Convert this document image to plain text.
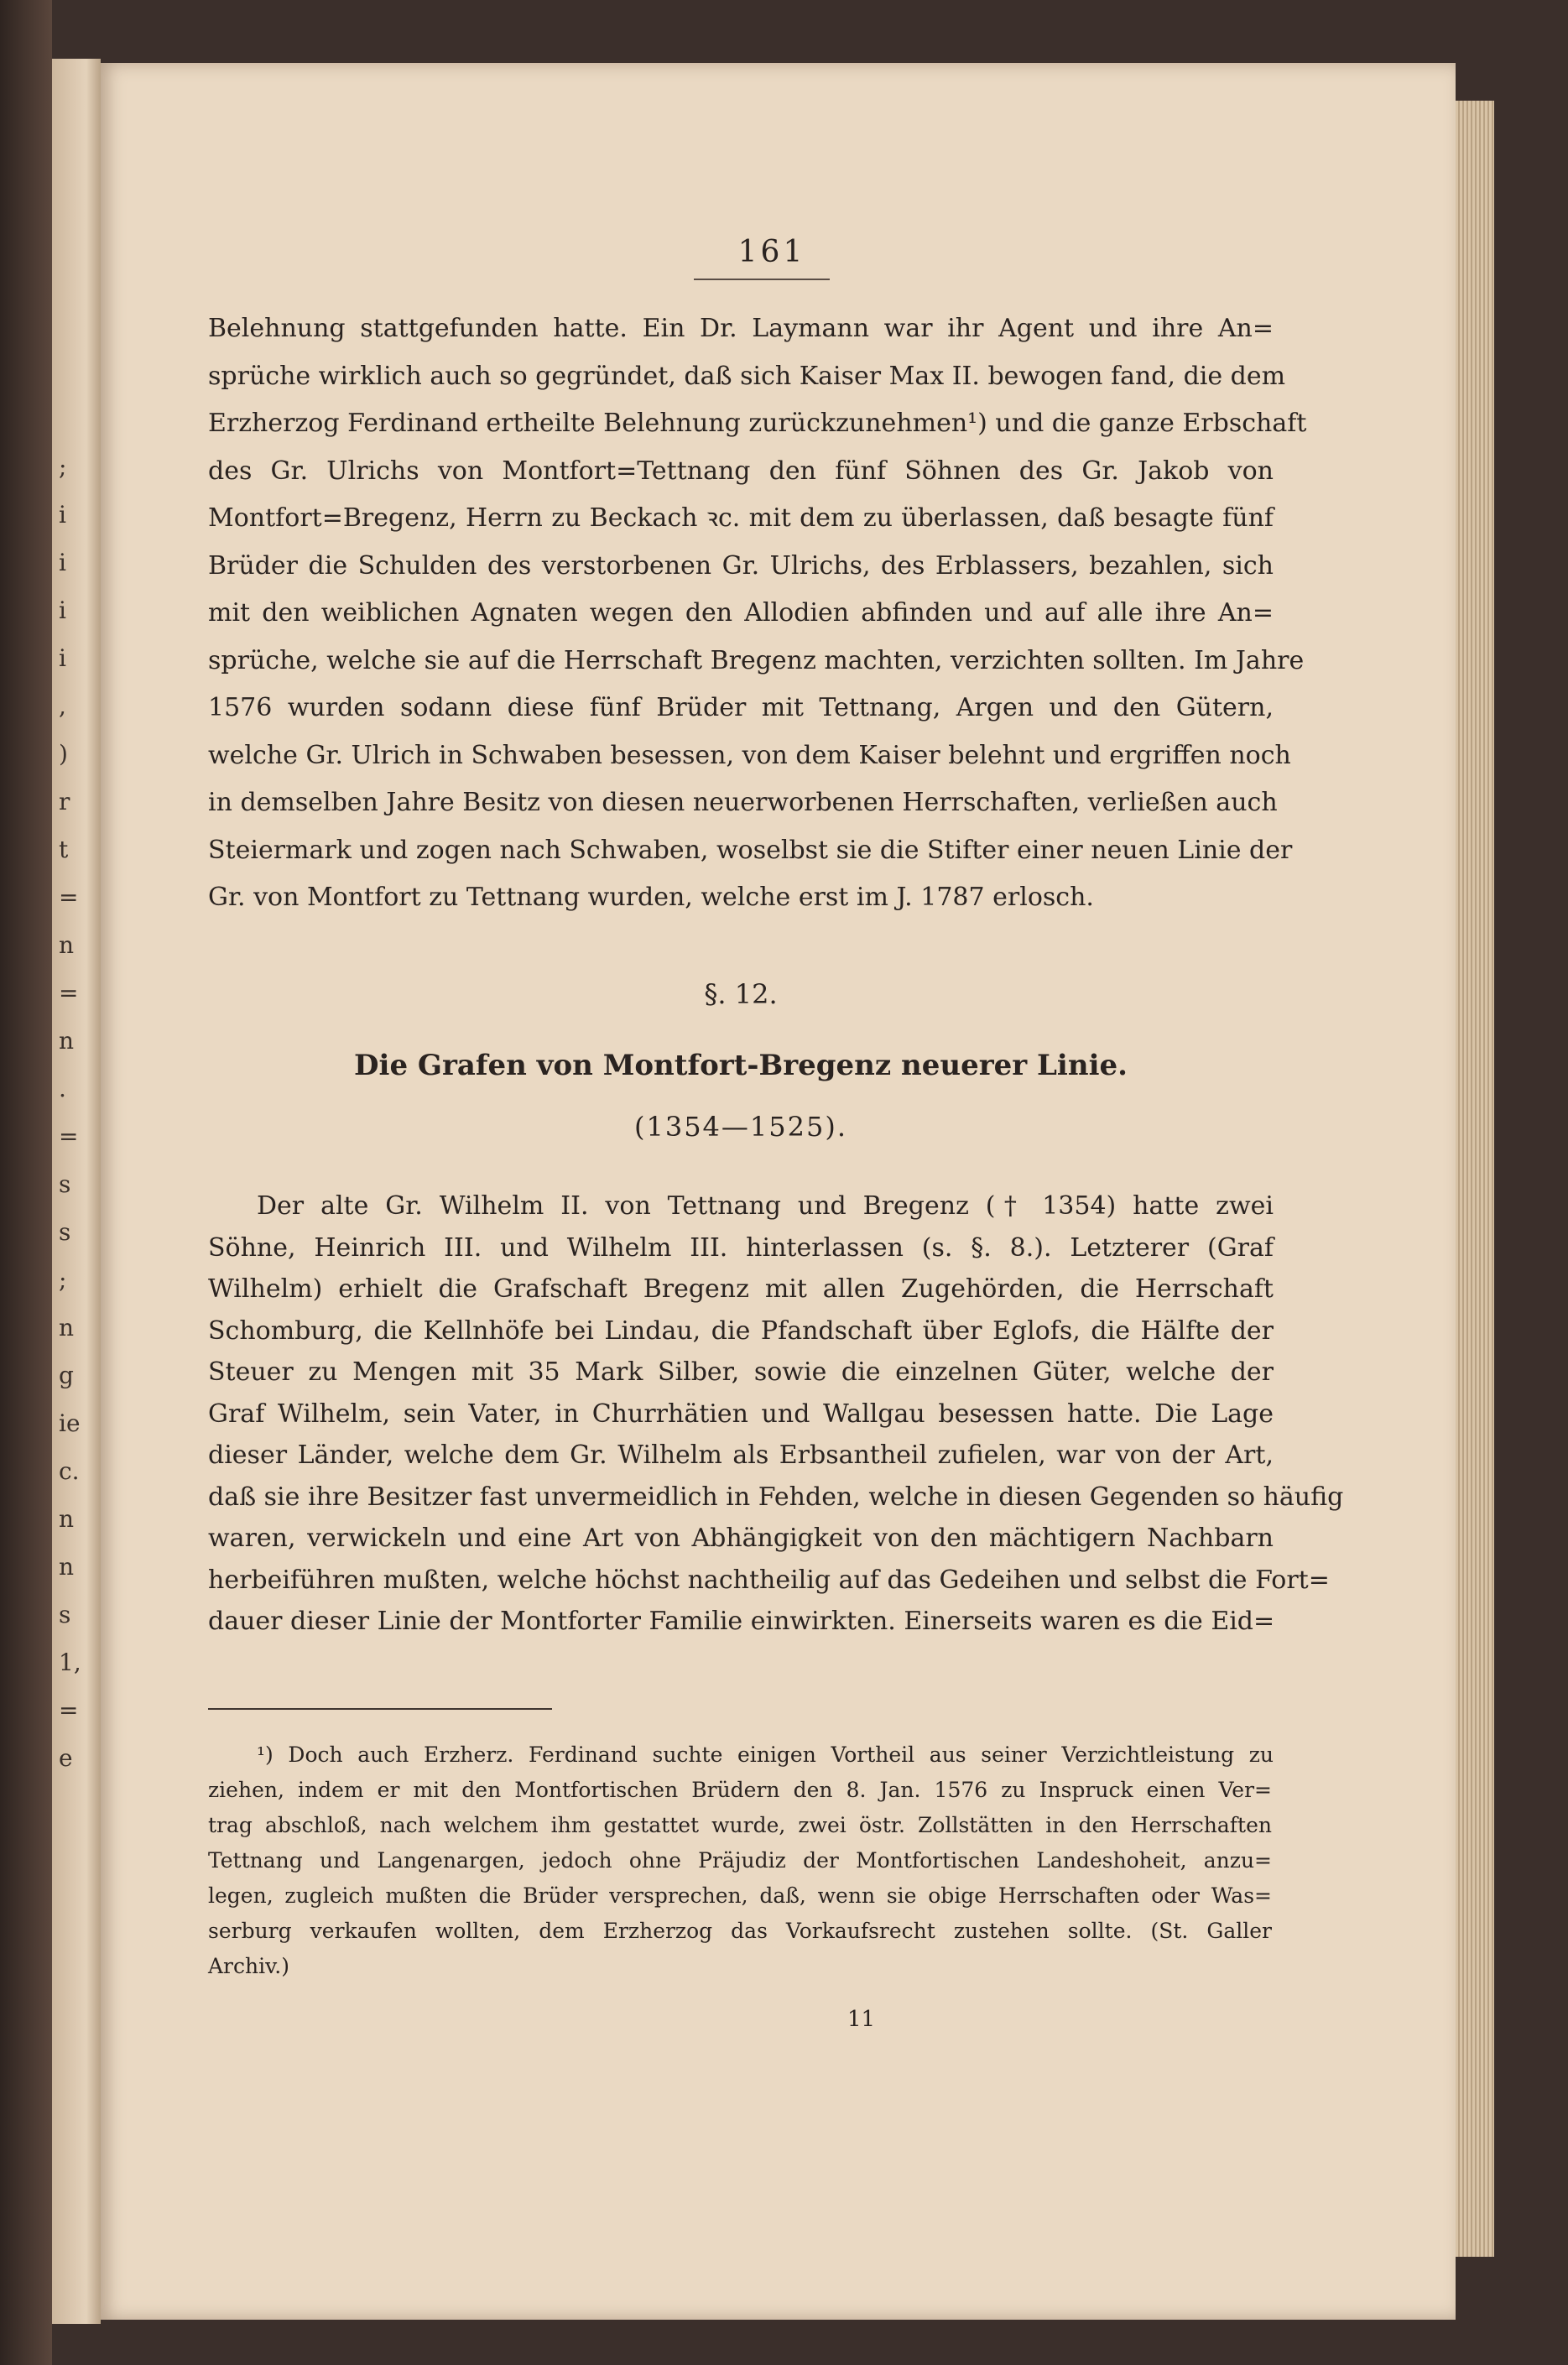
;
i
i
i
i
,
)
r
t
=
n
=
n
.
=
s
s
;
n
g
ie
c.
n
n
s
1,
=
e
161
Belehnung stattgefunden hatte. Ein Dr. Laymann war ihr Agent und ihre An=
sprüche wirklich auch so gegründet, daß sich Kaiser Max II. bewogen fand, die dem
Erzherzog Ferdinand ertheilte Belehnung zurückzunehmen¹) und die ganze Erbschaft
des Gr. Ulrichs von Montfort=Tettnang den fünf Söhnen des Gr. Jakob von
Montfort=Bregenz, Herrn zu Beckach ꝛc. mit dem zu überlassen, daß besagte fünf
Brüder die Schulden des verstorbenen Gr. Ulrichs, des Erblassers, bezahlen, sich
mit den weiblichen Agnaten wegen den Allodien abfinden und auf alle ihre An=
sprüche, welche sie auf die Herrschaft Bregenz machten, verzichten sollten. Im Jahre
1576 wurden sodann diese fünf Brüder mit Tettnang, Argen und den Gütern,
welche Gr. Ulrich in Schwaben besessen, von dem Kaiser belehnt und ergriffen noch
in demselben Jahre Besitz von diesen neuerworbenen Herrschaften, verließen auch
Steiermark und zogen nach Schwaben, woselbst sie die Stifter einer neuen Linie der
Gr. von Montfort zu Tettnang wurden, welche erst im J. 1787 erlosch.
§. 12.
Die Grafen von Montfort-Bregenz neuerer Linie.
(1354—1525).
Der alte Gr. Wilhelm II. von Tettnang und Bregenz († 1354) hatte zwei
Söhne, Heinrich III. und Wilhelm III. hinterlassen (s. §. 8.). Letzterer (Graf
Wilhelm) erhielt die Grafschaft Bregenz mit allen Zugehörden, die Herrschaft
Schomburg, die Kellnhöfe bei Lindau, die Pfandschaft über Eglofs, die Hälfte der
Steuer zu Mengen mit 35 Mark Silber, sowie die einzelnen Güter, welche der
Graf Wilhelm, sein Vater, in Churrhätien und Wallgau besessen hatte. Die Lage
dieser Länder, welche dem Gr. Wilhelm als Erbsantheil zufielen, war von der Art,
daß sie ihre Besitzer fast unvermeidlich in Fehden, welche in diesen Gegenden so häufig
waren, verwickeln und eine Art von Abhängigkeit von den mächtigern Nachbarn
herbeiführen mußten, welche höchst nachtheilig auf das Gedeihen und selbst die Fort=
dauer dieser Linie der Montforter Familie einwirkten. Einerseits waren es die Eid=
¹) Doch auch Erzherz. Ferdinand suchte einigen Vortheil aus seiner Verzichtleistung zu
ziehen, indem er mit den Montfortischen Brüdern den 8. Jan. 1576 zu Inspruck einen Ver=
trag abschloß, nach welchem ihm gestattet wurde, zwei östr. Zollstätten in den Herrschaften
Tettnang und Langenargen, jedoch ohne Präjudiz der Montfortischen Landeshoheit, anzu=
legen, zugleich mußten die Brüder versprechen, daß, wenn sie obige Herrschaften oder Was=
serburg verkaufen wollten, dem Erzherzog das Vorkaufsrecht zustehen sollte. (St. Galler
Archiv.)
11
